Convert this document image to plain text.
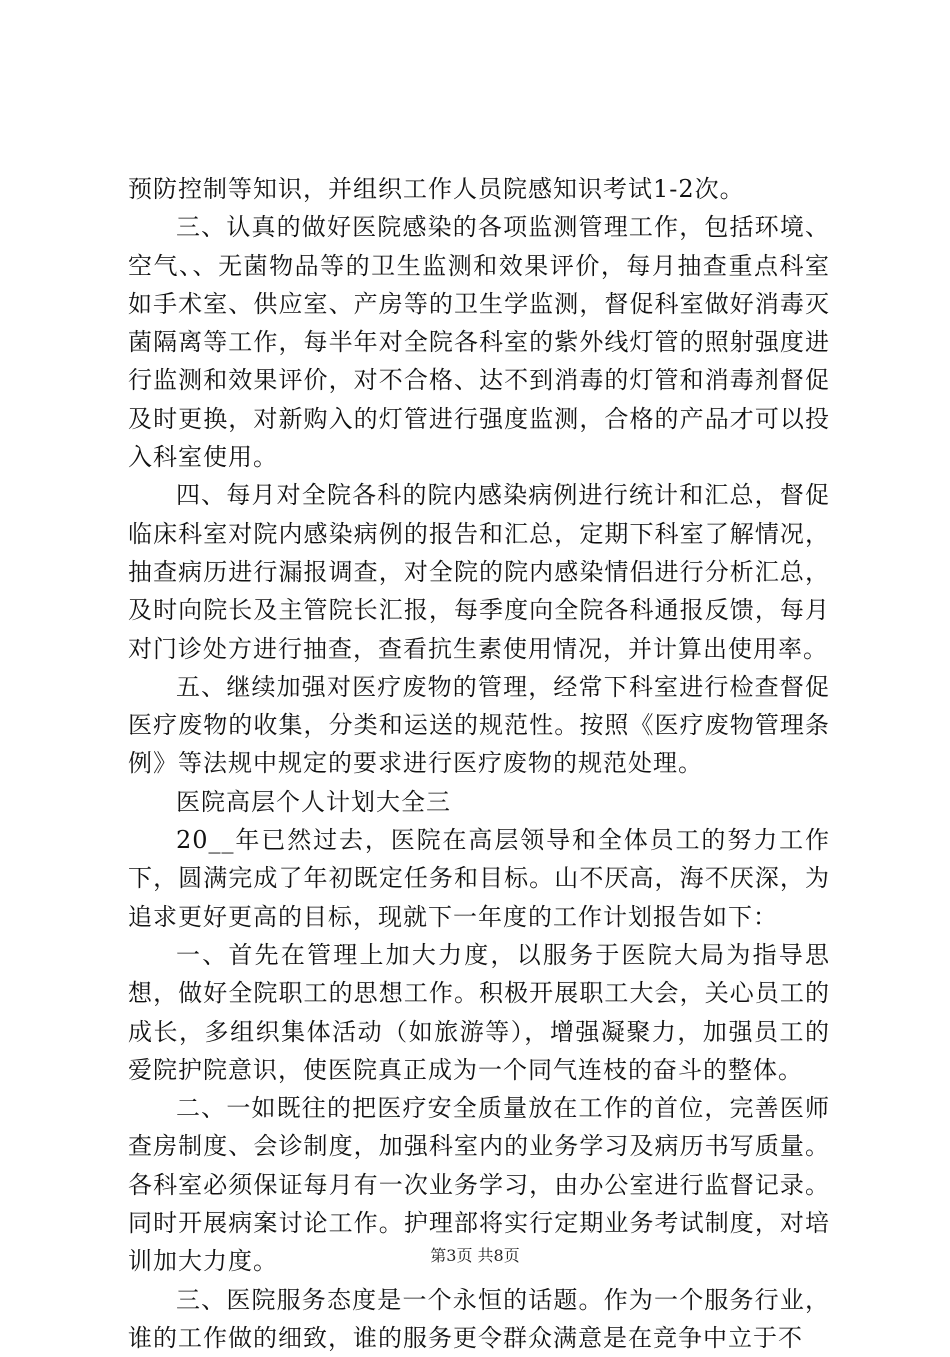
预防控制等知识，并组织工作人员院感知识考试1-2次。

三、认真的做好医院感染的各项监测管理工作，包括环境、空气、、无菌物品等的卫生监测和效果评价，每月抽查重点科室如手术室、供应室、产房等的卫生学监测，督促科室做好消毒灭菌隔离等工作，每半年对全院各科室的紫外线灯管的照射强度进行监测和效果评价，对不合格、达不到消毒的灯管和消毒剂督促及时更换，对新购入的灯管进行强度监测，合格的产品才可以投入科室使用。

四、每月对全院各科的院内感染病例进行统计和汇总，督促临床科室对院内感染病例的报告和汇总，定期下科室了解情况，抽查病历进行漏报调查，对全院的院内感染情侣进行分析汇总，及时向院长及主管院长汇报，每季度向全院各科通报反馈，每月对门诊处方进行抽查，查看抗生素使用情况，并计算出使用率。

五、继续加强对医疗废物的管理，经常下科室进行检查督促医疗废物的收集，分类和运送的规范性。按照《医疗废物管理条例》等法规中规定的要求进行医疗废物的规范处理。

医院高层个人计划大全三

20__年已然过去，医院在高层领导和全体员工的努力工作下，圆满完成了年初既定任务和目标。山不厌高，海不厌深，为追求更好更高的目标，现就下一年度的工作计划报告如下：

一、首先在管理上加大力度，以服务于医院大局为指导思想，做好全院职工的思想工作。积极开展职工大会，关心员工的成长，多组织集体活动（如旅游等），增强凝聚力，加强员工的爱院护院意识，使医院真正成为一个同气连枝的奋斗的整体。

二、一如既往的把医疗安全质量放在工作的首位，完善医师查房制度、会诊制度，加强科室内的业务学习及病历书写质量。各科室必须保证每月有一次业务学习，由办公室进行监督记录。同时开展病案讨论工作。护理部将实行定期业务考试制度，对培训加大力度。

三、医院服务态度是一个永恒的话题。作为一个服务行业，谁的工作做的细致，谁的服务更令群众满意是在竞争中立于不

第3页 共8页
